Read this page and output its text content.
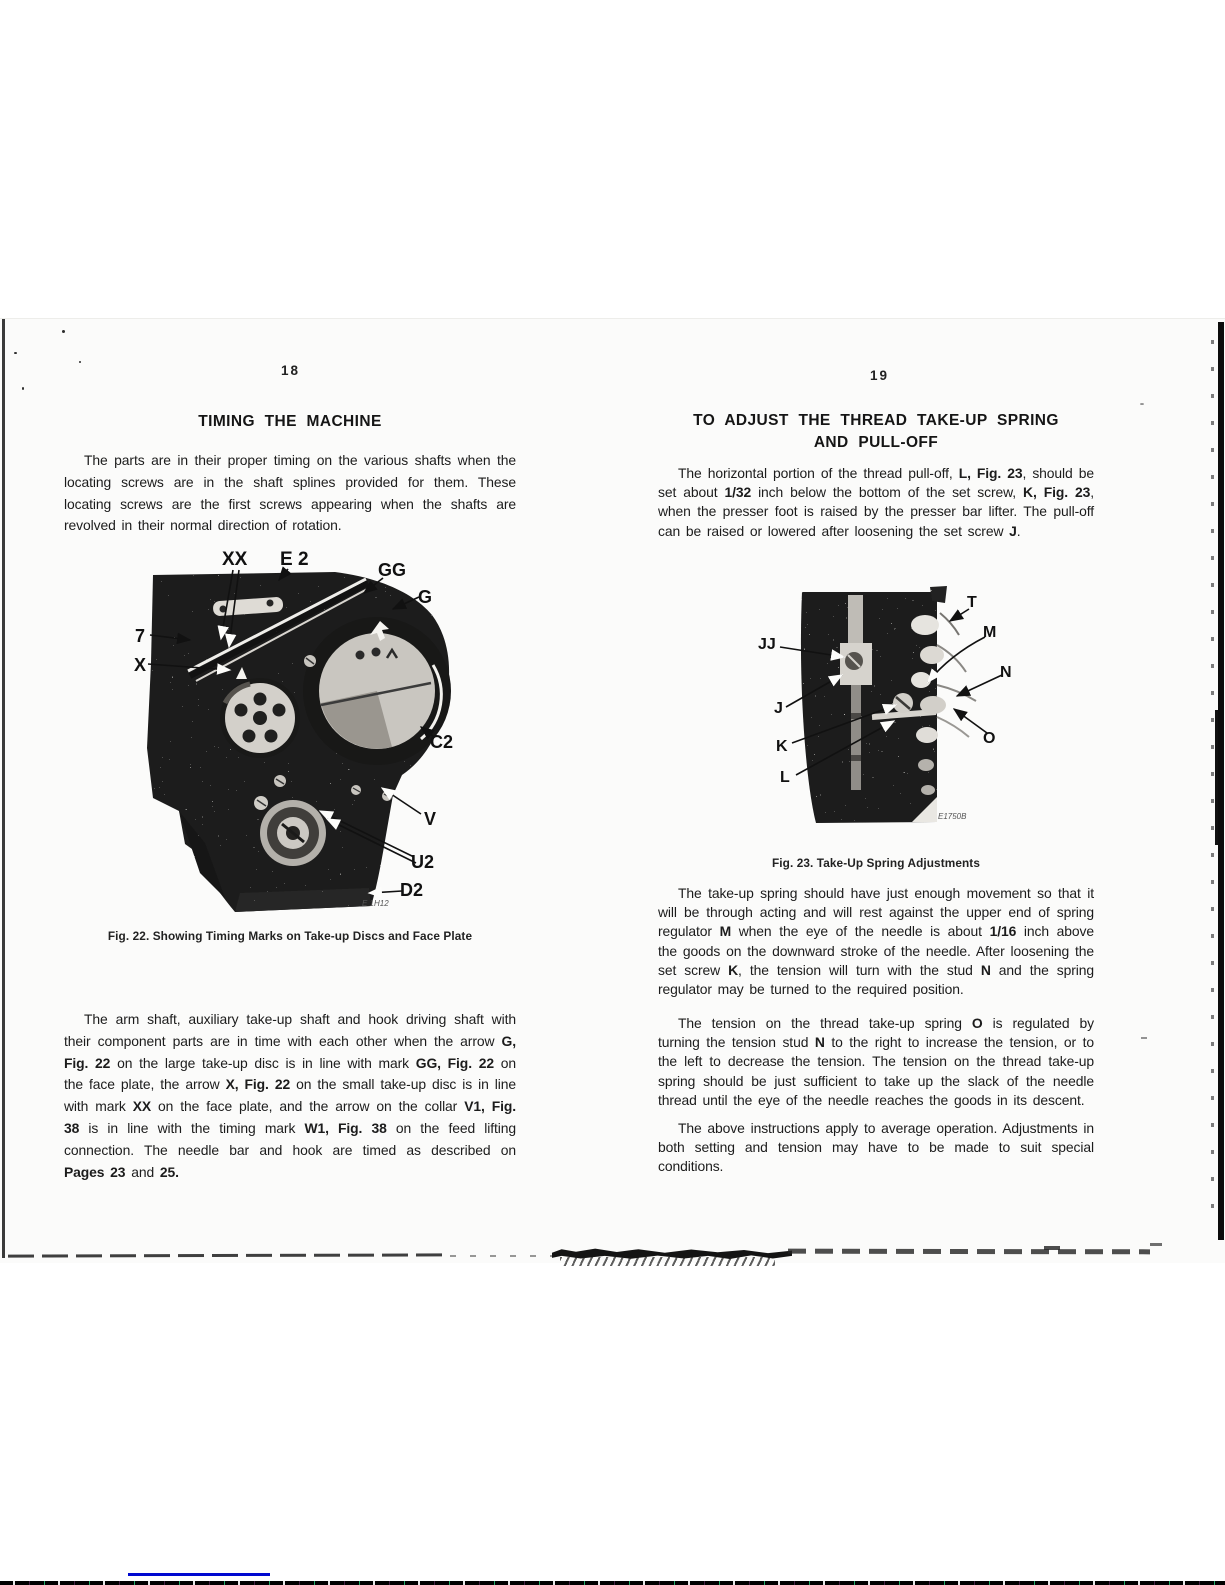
18
TIMING THE MACHINE
The parts are in their proper timing on the various shafts when the locating screws are in the shaft splines provided for them. These locating screws are the first screws appearing when the shafts are revolved in their normal direction of rotation.
XX E 2	GG
G
7
X
C2
V
U2
D2
E 1H12
Fig. 22. Showing Timing Marks on Take-up Discs and Face Plate
The arm shaft, auxiliary take-up shaft and hook driving shaft with their component parts are in time with each other when the arrow G, Fig. 22 on the large take-up disc is in line with mark GG, Fig. 22 on the face plate, the arrow X, Fig. 22 on the small take-up disc is in line with mark XX on the face plate, and the arrow on the collar V1, Fig. 38 is in line with the timing mark W1, Fig. 38 on the feed lifting connection. The needle bar and hook are timed as described on Pages 23 and 25.
19
TO ADJUST THE THREAD TAKE-UP SPRING
AND PULL-OFF
The horizontal portion of the thread pull-off, L, Fig. 23, should be set about 1/32 inch below the bottom of the set screw, K, Fig. 23, when the presser foot is raised by the presser bar lifter. The pull-off can be raised or lowered after loosening the set screw J.
JJ
J
K
L
T
M
N
O
E1750B
Fig. 23. Take-Up Spring Adjustments
The take-up spring should have just enough movement so that it will be through acting and will rest against the upper end of spring regulator M when the eye of the needle is about 1/16 inch above the goods on the downward stroke of the needle. After loosening the set screw K, the tension will turn with the stud N and the spring regulator may be turned to the required position.
The tension on the thread take-up spring O is regulated by turning the tension stud N to the right to increase the tension, or to the left to decrease the tension. The tension on the thread take-up spring should be just sufficient to take up the slack of the needle thread until the eye of the needle reaches the goods in its descent.
The above instructions apply to average operation. Adjustments in both setting and tension may have to be made to suit special conditions.
